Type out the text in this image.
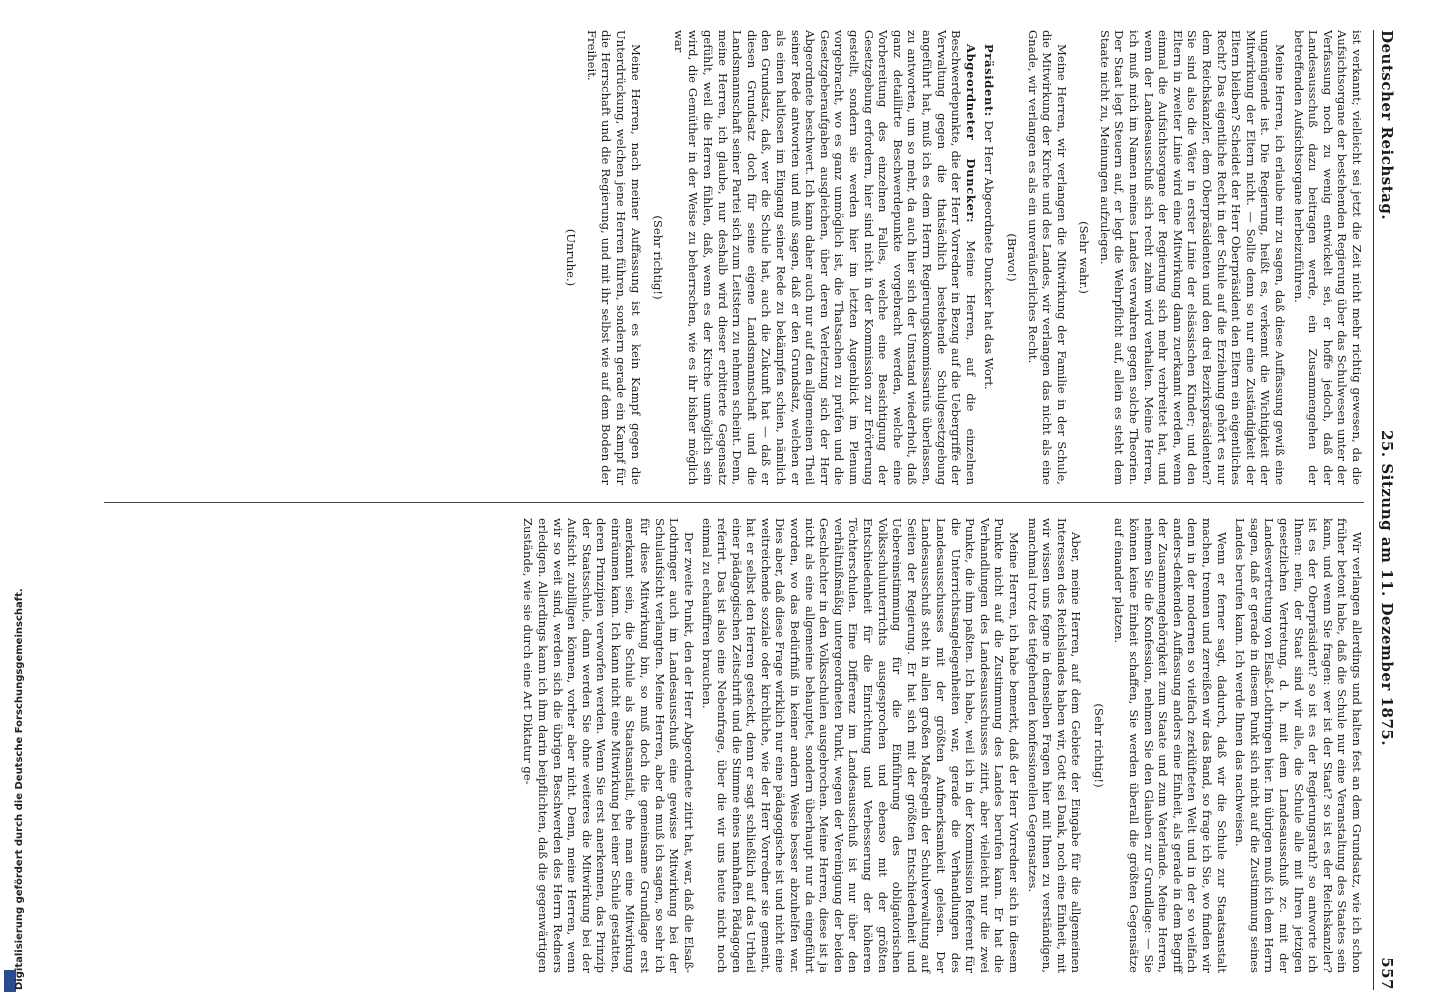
Digitalisierung gefördert durch die Deutsche Forschungsgemeinschaft.
Deutscher Reichstag.
25. Sitzung am 11. Dezember 1875.
557

ist verkannt; vielleicht sei jetzt die Zeit nicht mehr richtig gewesen, da die Aufsichtsorgane der bestehenden Regierung über das Schulwesen unter der Verfassung noch zu wenig entwickelt sei, er hoffe jedoch, daß der Landesausschuß dazu beitragen werde, ein Zusammengehen der betreffenden Aufsichtsorgane herbeizuführen.

Meine Herren, ich erlaube mir zu sagen, daß diese Auffassung gewiß eine ungenügende ist. Die Regierung, heißt es, verkennt die Wichtigkeit der Mitwirkung der Eltern nicht. — Sollte denn so nur eine Zuständigkeit der Eltern bleiben? Scheidet der Herr Oberpräsident den Eltern ein eigentliches Recht? Das eigentliche Recht in der Schule auf die Erziehung gehört es nur dem Reichskanzler, dem Oberpräsidenten und den drei Bezirkspräsidenten? Sie sind also die Väter in erster Linie der elsässischen Kinder; und den Eltern in zweiter Linie wird eine Mitwirkung dann zuerkannt werden, wenn einmal die Aufsichtsorgane der Regierung sich mehr verbreitet hat, und wenn der Landesausschuß sich recht zahm wird verhalten. Meine Herren, ich muß mich im Namen meines Landes verwahren gegen solche Theorien. Der Staat legt Steuern auf, er legt die Wehrpflicht auf, allein es steht dem Staate nicht zu, Meinungen aufzulegen.

(Sehr wahr.)

Meine Herren, wir verlangen die Mitwirkung der Familie in der Schule, die Mitwirkung der Kirche und des Landes, wir verlangen das nicht als eine Gnade, wir verlangen es als ein unveräußerliches Recht.

(Bravo!)

Präsident: Der Herr Abgeordnete Duncker hat das Wort.

Abgeordneter Duncker: Meine Herren, auf die einzelnen Beschwerdepunkte, die der Herr Vorredner in Bezug auf die Uebergriffe der Verwaltung gegen die thatsächlich bestehende Schulgesetzgebung angeführt hat, muß ich es dem Herrn Regierungskommissarius überlassen, zu antworten, um so mehr, da auch hier sich der Umstand wiederholt, daß ganz detaillirte Beschwerdepunkte vorgebracht werden, welche eine Vorbereitung des einzelnen Falles, welche eine Besichtigung der Gesetzgebung erfordern, hier sind nicht in der Kommission zur Erörterung gestellt, sondern sie werden hier im letzten Augenblick im Plenum vorgebracht, wo es ganz unmöglich ist, die Thatsachen zu prüfen und die Gesetzgeberaufgaben ausgleichen, über deren Verletzung sich der Herr Abgeordnete beschwert. Ich kann daher auch nur auf den allgemeinen Theil seiner Rede antworten und muß sagen, daß er den Grundsatz, welchen er als einen haltlosen im Eingang seiner Rede zu bekämpfen schien, nämlich den Grundsatz, daß, wer die Schule hat, auch die Zukunft hat — daß er diesen Grundsatz doch für seine eigene Landsmannschaft und die Landsmannschaft seiner Partei sich zum Leitstern zu nehmen scheint. Denn, meine Herren, ich glaube, nur deshalb wird dieser erbitterte Gegensatz gefühlt, weil die Herren fühlen, daß, wenn es der Kirche unmöglich sein wird, die Gemüther in der Weise zu beherrschen, wie es ihr bisher möglich war

(Sehr richtig!)

Meine Herren, nach meiner Auffassung ist es kein Kampf gegen die Unterdrückung, welchen jene Herren führen, sondern gerade ein Kampf für die Herrschaft und die Regierung, und mit ihr selbst wie auf dem Boden der Freiheit.

(Unruhe.)

Wir verlangen allerdings und halten fest an dem Grundsatz, wie ich schon früher betont habe, daß die Schule nur eine Veranstaltung des Staates sein kann, und wenn Sie fragen: wer ist der Staat? so ist es der Reichskanzler? ist es der Oberpräsident? so ist es der Regierungsrath? so antworte ich Ihnen: nein, der Staat sind wir alle, die Schule alle mit Ihren jetzigen gesetzlichen Vertretung, d. h. mit dem Landesausschuß zc. mit der Landesvertretung von Elsaß-Lothringen hier. Im übrigen muß ich dem Herrn sagen, daß er gerade in diesem Punkt sich nicht auf die Zustimmung seines Landes berufen kann. Ich werde Ihnen das nachweisen.

Wenn er ferner sagt, dadurch, daß wir die Schule zur Staatsanstalt machen, trennen und zerreißen wir das Band, so frage ich Sie, wo finden wir denn in der modernen so vielfach zerklüfteten Welt und in der so vielfach anders-denkenden Auffassung anders eine Einheit, als gerade in dem Begriff der Zusammengehörigkeit zum Staate und zum Vaterlande. Meine Herren, nehmen Sie die Konfession, nehmen Sie den Glauben zur Grundlage: — Sie können keine Einheit schaffen, Sie werden überall die größten Gegensätze auf einander platzen.

(Sehr richtig!)

Aber, meine Herren, auf dem Gebiete der Eingabe für die allgemeinen Interessen des Reichslandes haben wir, Gott sei Dank, noch eine Einheit, mit wir wissen uns fegne in denselben Fragen hier mit Ihnen zu verständigen, manchmal trotz des tiefgehenden konfessionellen Gegensatzes.

Meine Herren, ich habe bemerkt, daß der Herr Vorredner sich in diesem Punkte nicht auf die Zustimmung des Landes berufen kann. Er hat die Verhandlungen des Landesausschusses zitirt, aber vielleicht nur die zwei Punkte, die ihm paßten. Ich habe, weil ich in der Kommission Referent für die Unterrichtsangelegenheiten war, gerade die Verhandlungen des Landesausschusses mit der größten Aufmerksamkeit gelesen. Der Landesausschuß steht in allen großen Maßregeln der Schulverwaltung auf Seiten der Regierung. Er hat sich mit der größten Entschiedenheit und Uebereinstimmung für die Einführung des obligatorischen Volksschulunterrichts ausgesprochen und ebenso mit der größten Entschiedenheit für die Einrichtung und Verbesserung der höheren Töchterschulen. Eine Differenz im Landesausschuß ist nur über den verhältnißmäßig untergeordneten Punkt, wegen der Vereinigung der beiden Geschlechter in den Volksschulen ausgebrochen. Meine Herren, diese ist ja nicht als eine allgemeine behauptet, sondern überhaupt nur da eingeführt worden, wo das Bedürfniß in keiner andern Weise besser abzuhelfen war. Dies aber, daß diese Frage wirklich nur eine pädagogische ist und nicht eine weitreichende soziale oder kirchliche, wie der Herr Vorredner sie gemeint, hat er selbst den Herren gesteckt, denn er sagt schließlich auf das Urtheil einer pädagogischen Zeitschrift und die Stimme eines namhaften Pädagogen referirt. Das ist also eine Nebenfrage, über die wir uns heute nicht noch einmal zu echauffiren brauchen.

Der zweite Punkt, den der Herr Abgeordnete zitirt hat, war, daß die Elsaß-Lothringer auch im Landesausschuß eine gewisse Mitwirkung bei der Schulaufsicht verlangten. Meine Herren, aber da muß ich sagen, so sehr ich für diese Mitwirkung bin, so muß doch die gemeinsame Grundlage erst anerkannt sein, die Schule als Staatsanstalt, ehe man eine Mitwirkung einräumen kann. Ich kann nicht eine Mitwirkung bei einer Schule gestatten, deren Prinzipien verworfen werden. Wenn Sie erst anerkennen, das Prinzip der Staatsschule, dann werden Sie ohne weiteres die Mitwirkung bei der Aufsicht zubilligen können, vorher aber nicht. Denn, meine Herren, wenn wir so weit sind, werden sich die übrigen Beschwerden des Herrn Redners erledigen. Allerdings kann ich ihm darin beipflichten, daß die gegenwärtigen Zustände, wie sie durch eine Art Diktatur ge-
